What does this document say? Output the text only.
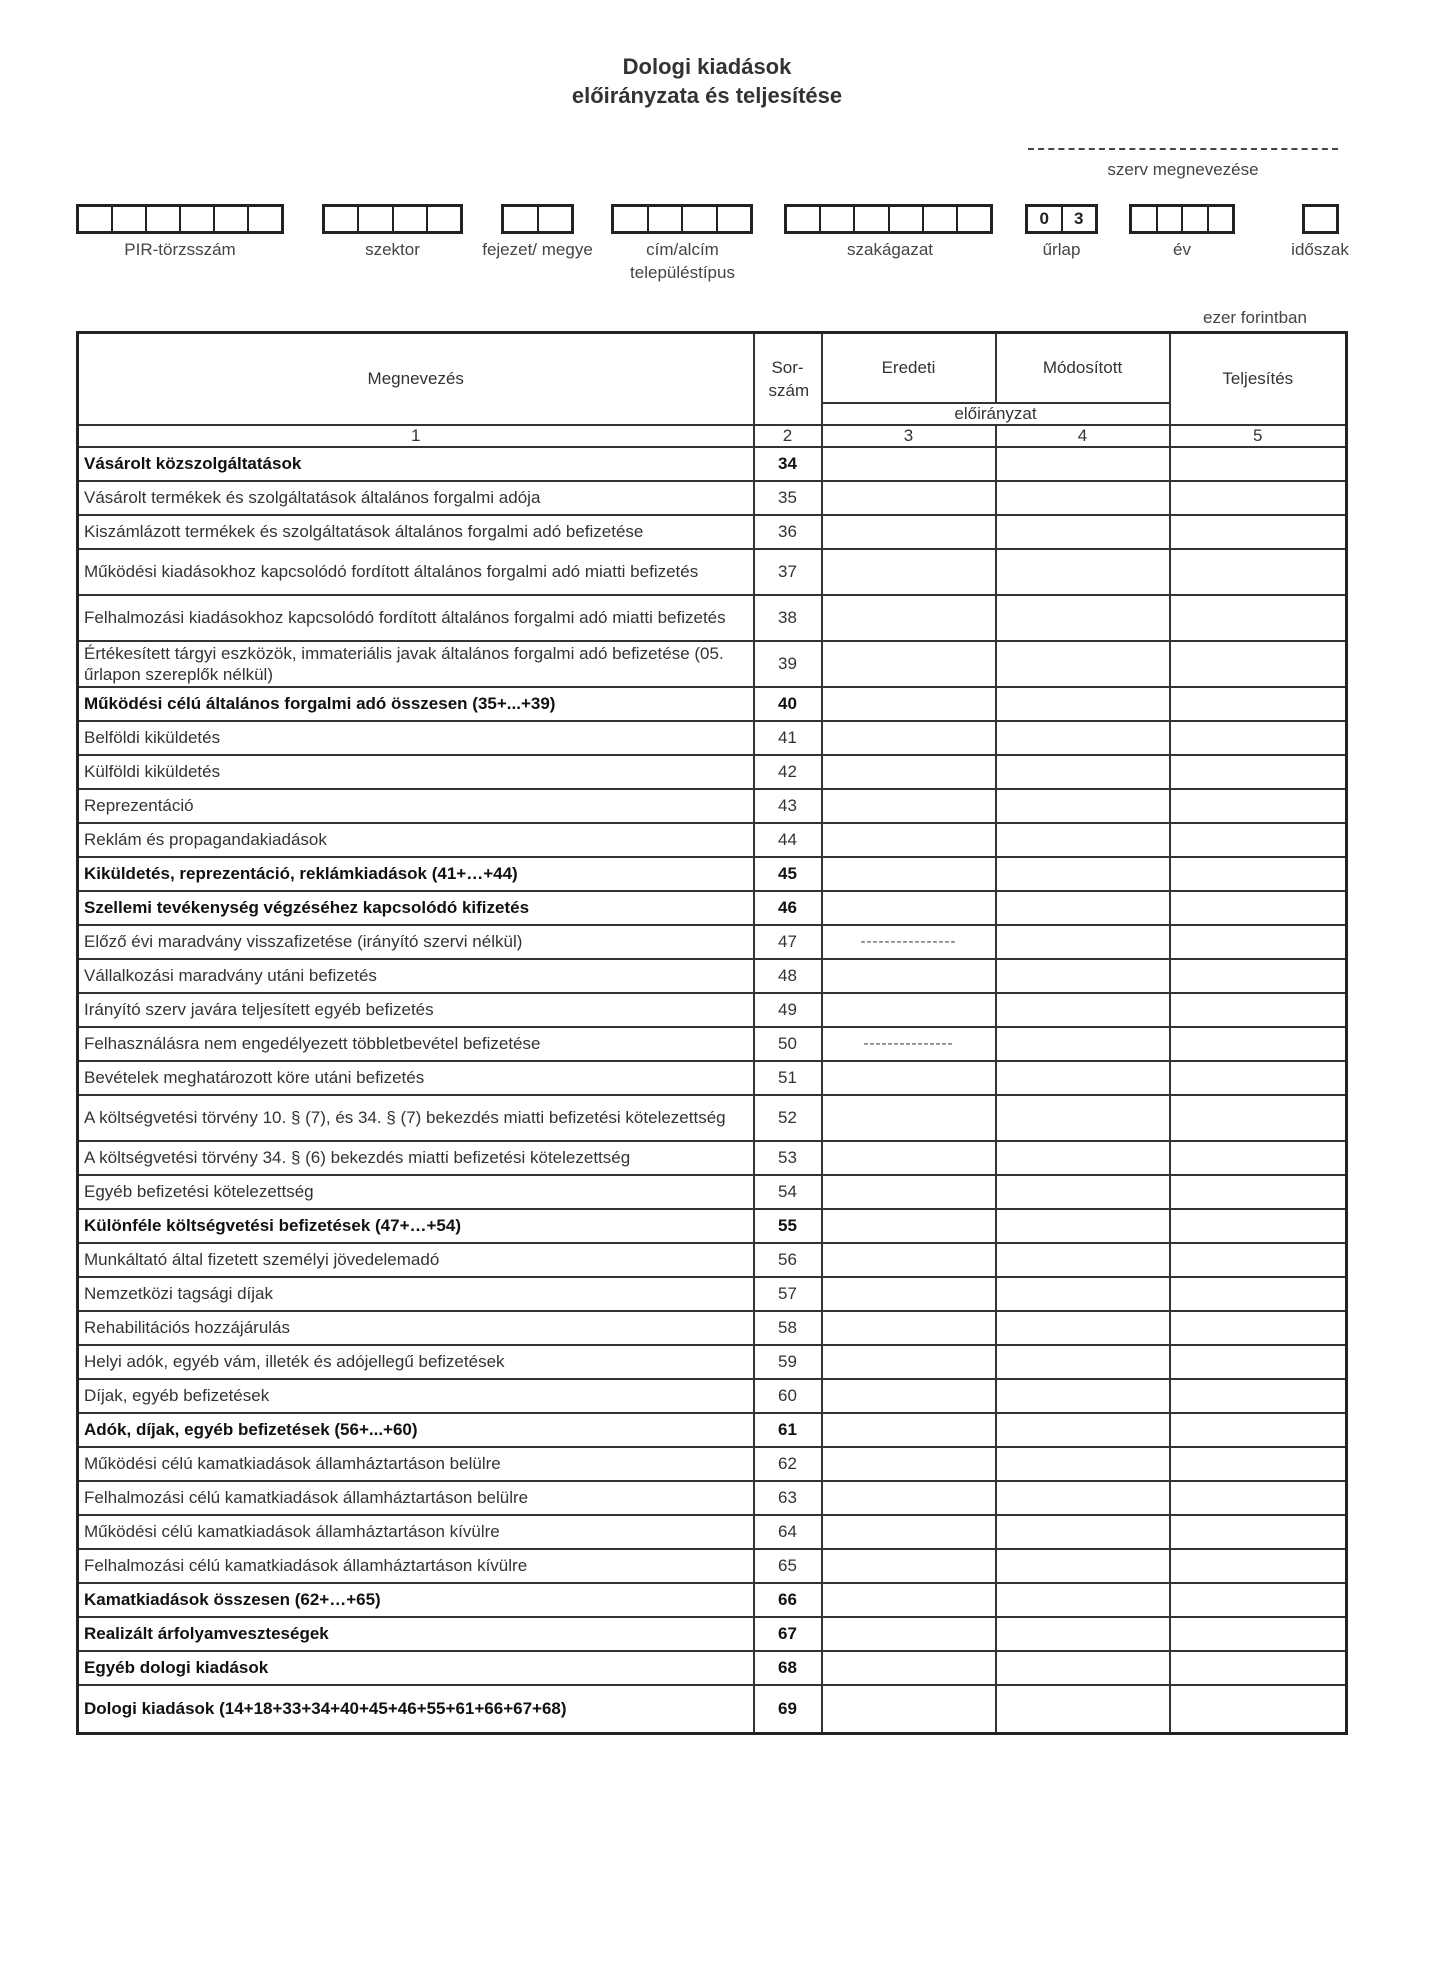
Dologi kiadások
előirányzata és teljesítése
szerv megnevezése
PIR-törzsszám	szektor	fejezet/ megye	cím/alcím településtípus
szakágazat
0	3
űrlap	év	időszak
ezer forintban
Megnevezés	Sor-szám	Eredeti	Módosított	Teljesítés
		előirányzat		
1	2	3	4	5
Vásárolt közszolgáltatások	34			
Vásárolt termékek és szolgáltatások általános forgalmi adója	35			
Kiszámlázott termékek és szolgáltatások általános forgalmi adó befizetése	36			
Működési kiadásokhoz kapcsolódó fordított általános forgalmi adó miatti befizetés	37			
Felhalmozási kiadásokhoz kapcsolódó fordított általános forgalmi adó miatti befizetés	38			
Értékesített tárgyi eszközök, immateriális javak általános forgalmi adó befizetése (05. űrlapon szereplők nélkül)	39			
Működési célú általános forgalmi adó összesen (35+...+39)	40			
Belföldi kiküldetés	41			
Külföldi kiküldetés	42			
Reprezentáció	43			
Reklám és propagandakiadások	44			
Kiküldetés, reprezentáció, reklámkiadások (41+…+44)	45			
Szellemi tevékenység végzéséhez kapcsolódó kifizetés	46			
Előző évi maradvány visszafizetése (irányító szervi nélkül)	47	----------------		

Vállalkozási maradvány utáni befizetés	48			
Irányító szerv javára teljesített egyéb befizetés	49			
Felhasználásra nem engedélyezett többletbevétel befizetése	50	---------------		

Bevételek meghatározott köre utáni befizetés	51			
A költségvetési törvény 10. § (7), és 34. § (7) bekezdés miatti befizetési kötelezettség	52			
A költségvetési törvény 34. § (6) bekezdés miatti befizetési kötelezettség	53			
Egyéb befizetési kötelezettség	54			
Különféle költségvetési befizetések (47+…+54)	55			
Munkáltató által fizetett személyi jövedelemadó	56			
Nemzetközi tagsági díjak	57			
Rehabilitációs hozzájárulás	58			
Helyi adók, egyéb vám, illeték és adójellegű befizetések	59			
Díjak, egyéb befizetések	60			
Adók, díjak, egyéb befizetések (56+...+60)	61			
Működési célú kamatkiadások államháztartáson belülre	62			
Felhalmozási célú kamatkiadások államháztartáson belülre	63			
Működési célú kamatkiadások államháztartáson kívülre	64			
Felhalmozási célú kamatkiadások államháztartáson kívülre	65			
Kamatkiadások összesen (62+…+65)	66			
Realizált árfolyamveszteségek	67			
Egyéb dologi kiadások	68			
Dologi kiadások (14+18+33+34+40+45+46+55+61+66+67+68)	69			
